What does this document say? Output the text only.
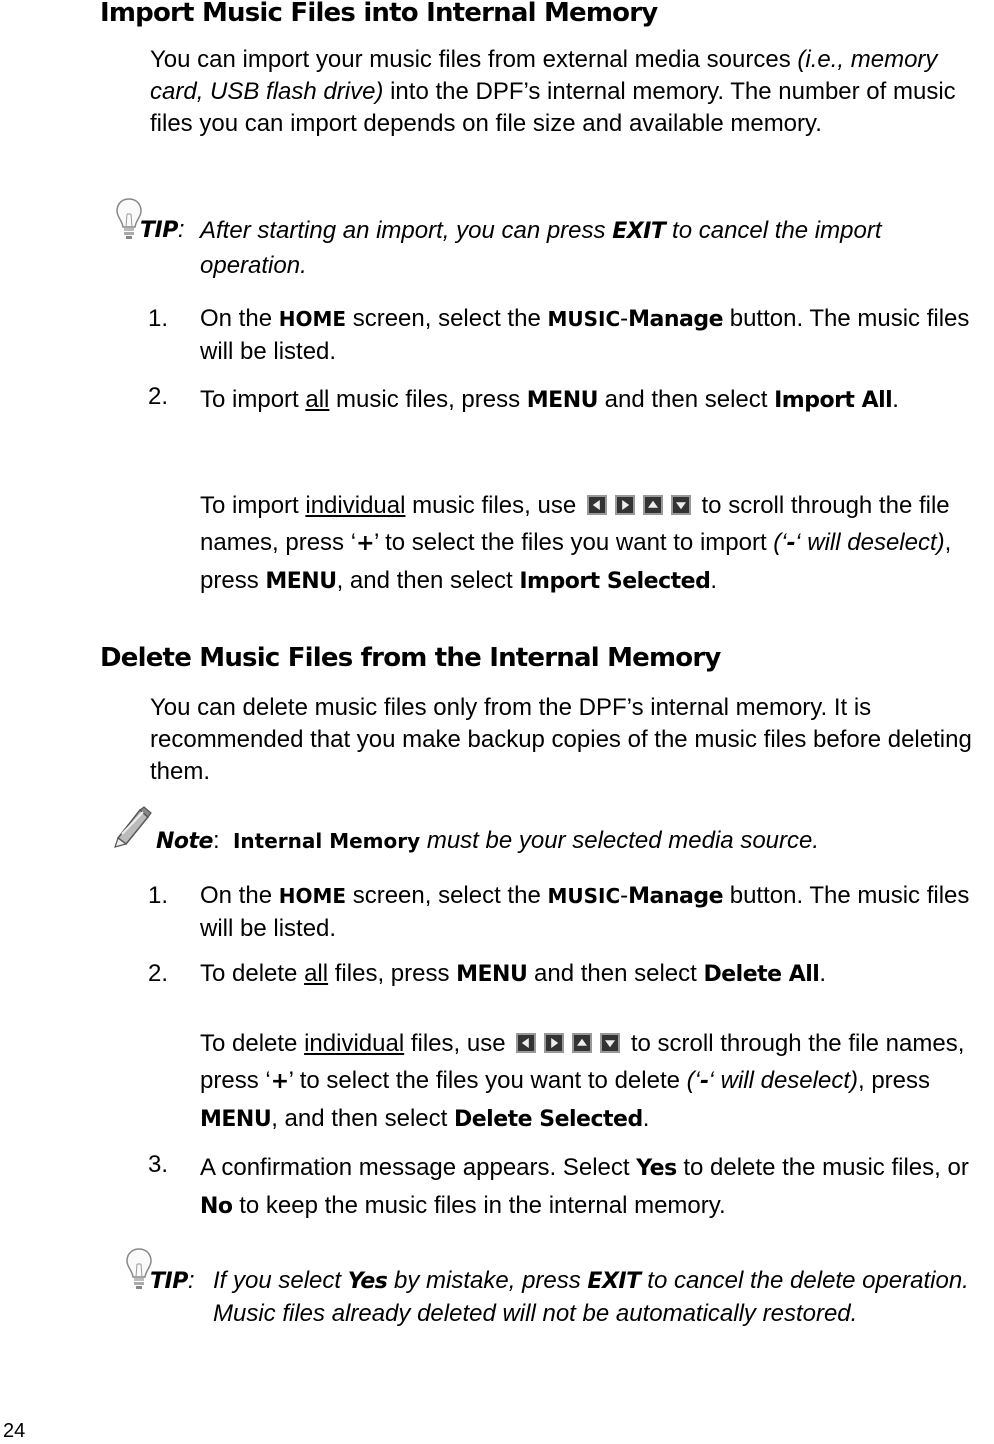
Import Music Files into Internal Memory
You can import your music files from external media sources (i.e., memory card, USB flash drive) into the DPF’s internal memory. The number of music files you can import depends on file size and available memory.
TIP: After starting an import, you can press EXIT to cancel the import operation.
1. On the HOME screen, select the MUSIC-Manage button. The music files will be listed.
2. To import all music files, press MENU and then select Import All.
To import individual music files, use	to scroll through the file names, press ‘+’ to select the files you want to import (‘-‘ will deselect), press MENU, and then select Import Selected.
Delete Music Files from the Internal Memory
You can delete music files only from the DPF’s internal memory. It is recommended that you make backup copies of the music files before deleting them.
Note: Internal Memory must be your selected media source.
1. On the HOME screen, select the MUSIC-Manage button. The music files will be listed.
2. To delete all files, press MENU and then select Delete All.
To delete individual files, use	to scroll through the file names, press ‘+’ to select the files you want to delete (‘-‘ will deselect), press MENU, and then select Delete Selected.
3. A confirmation message appears. Select Yes to delete the music files, or No to keep the music files in the internal memory.
TIP: If you select Yes by mistake, press EXIT to cancel the delete operation. Music files already deleted will not be automatically restored.
24
